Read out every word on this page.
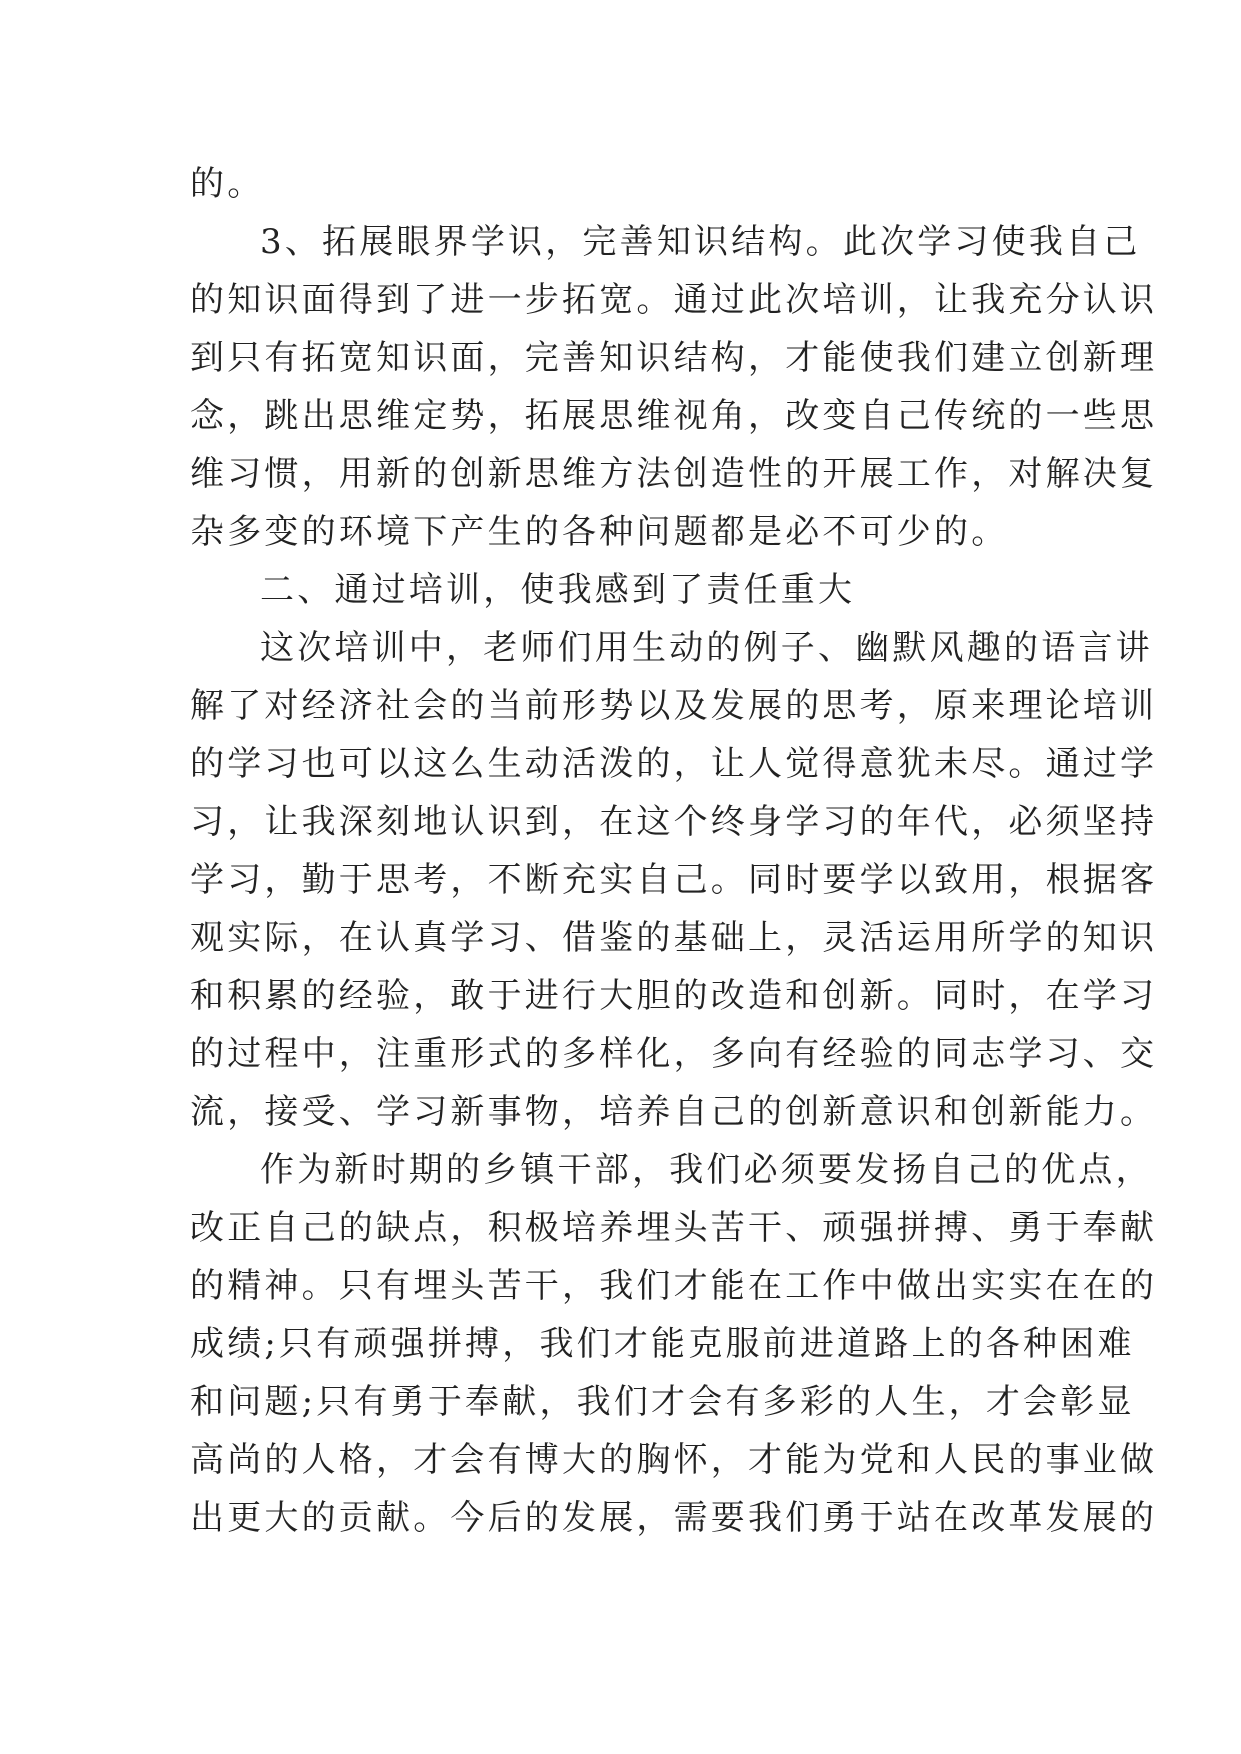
的。
3、拓展眼界学识，完善知识结构。此次学习使我自己
的知识面得到了进一步拓宽。通过此次培训，让我充分认识
到只有拓宽知识面，完善知识结构，才能使我们建立创新理
念，跳出思维定势，拓展思维视角，改变自己传统的一些思
维习惯，用新的创新思维方法创造性的开展工作，对解决复
杂多变的环境下产生的各种问题都是必不可少的。
二、通过培训，使我感到了责任重大
这次培训中，老师们用生动的例子、幽默风趣的语言讲
解了对经济社会的当前形势以及发展的思考，原来理论培训
的学习也可以这么生动活泼的，让人觉得意犹未尽。通过学
习，让我深刻地认识到，在这个终身学习的年代，必须坚持
学习，勤于思考，不断充实自己。同时要学以致用，根据客
观实际，在认真学习、借鉴的基础上，灵活运用所学的知识
和积累的经验，敢于进行大胆的改造和创新。同时，在学习
的过程中，注重形式的多样化，多向有经验的同志学习、交
流，接受、学习新事物，培养自己的创新意识和创新能力。
作为新时期的乡镇干部，我们必须要发扬自己的优点，
改正自己的缺点，积极培养埋头苦干、顽强拼搏、勇于奉献
的精神。只有埋头苦干，我们才能在工作中做出实实在在的
成绩;只有顽强拼搏，我们才能克服前进道路上的各种困难
和问题;只有勇于奉献，我们才会有多彩的人生，才会彰显
高尚的人格，才会有博大的胸怀，才能为党和人民的事业做
出更大的贡献。今后的发展，需要我们勇于站在改革发展的
